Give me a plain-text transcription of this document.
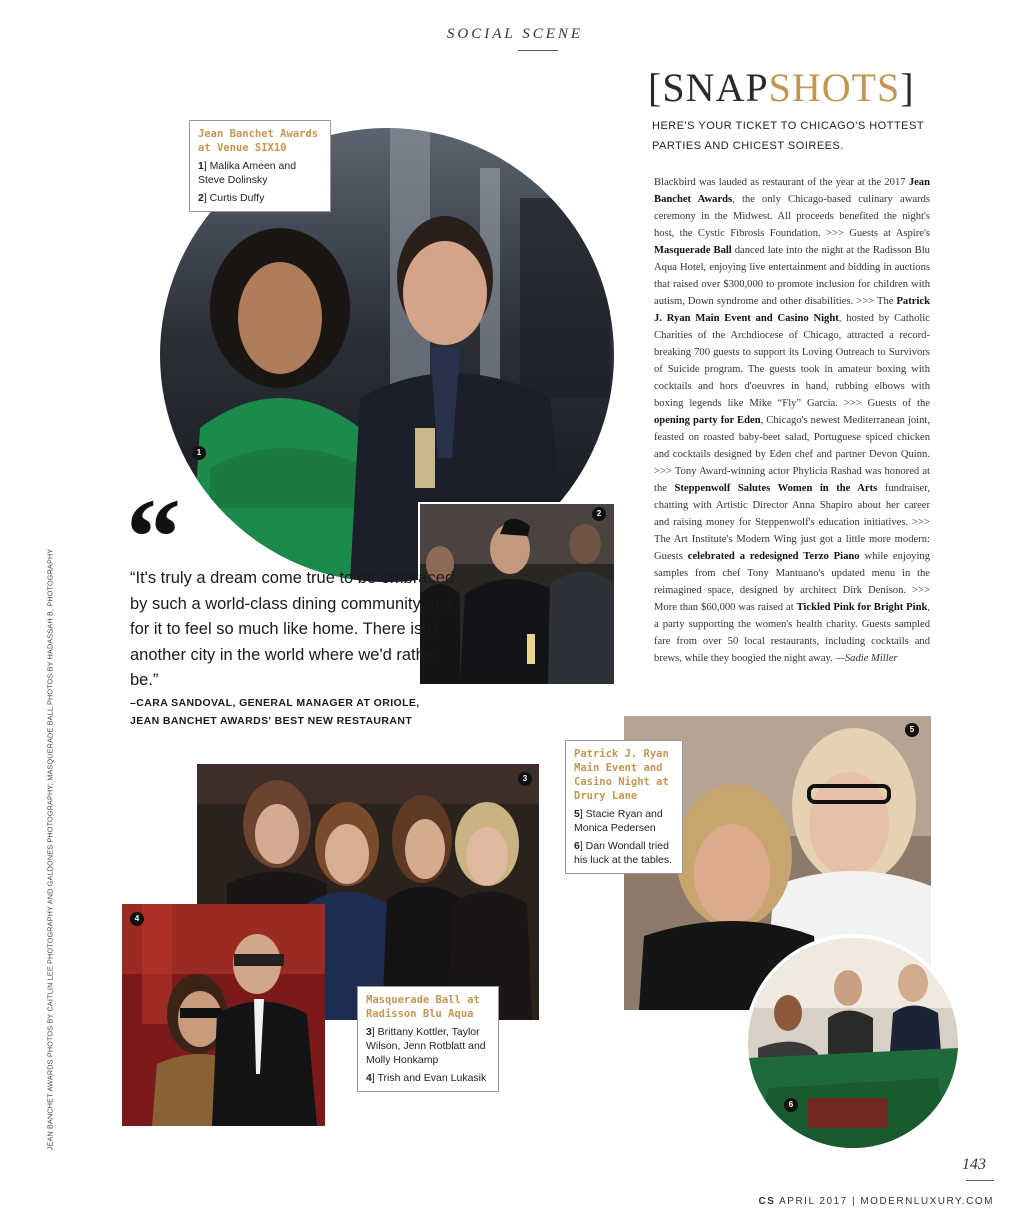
SOCIAL SCENE
[SNAPSHOTS]
HERE'S YOUR TICKET TO CHICAGO'S HOTTEST PARTIES AND CHICEST SOIREES.
Blackbird was lauded as restaurant of the year at the 2017 Jean Banchet Awards, the only Chicago-based culinary awards ceremony in the Midwest. All proceeds benefited the night's host, the Cystic Fibrosis Foundation. >>> Guests at Aspire's Masquerade Ball danced late into the night at the Radisson Blu Aqua Hotel, enjoying live entertainment and bidding in auctions that raised over $300,000 to promote inclusion for children with autism, Down syndrome and other disabilities. >>> The Patrick J. Ryan Main Event and Casino Night, hosted by Catholic Charities of the Archdiocese of Chicago, attracted a record-breaking 700 guests to support its Loving Outreach to Survivors of Suicide program. The guests took in amateur boxing with cocktails and hors d'oeuvres in hand, rubbing elbows with boxing legends like Mike “Fly” Garcia. >>> Guests of the opening party for Eden, Chicago's newest Mediterranean joint, feasted on roasted baby-beet salad, Portuguese spiced chicken and cocktails designed by Eden chef and partner Devon Quinn. >>> Tony Award-winning actor Phylicia Rashad was honored at the Steppenwolf Salutes Women in the Arts fundraiser, chatting with Artistic Director Anna Shapiro about her career and raising money for Steppenwolf's education initiatives. >>> The Art Institute's Modern Wing just got a little more modern: Guests celebrated a redesigned Terzo Piano while enjoying samples from chef Tony Mantuano's updated menu in the reimagined space, designed by architect Dirk Denison. >>> More than $60,000 was raised at Tickled Pink for Bright Pink, a party supporting the women's health charity. Guests sampled fare from over 50 local restaurants, including cocktails and brews, while they boogied the night away. —Sadie Miller
1
Jean Banchet Awards at Venue SIX10
1] Malika Ameen and Steve Dolinsky
2] Curtis Duffy
2
“
“It's truly a dream come true to be embraced by such a world-class dining community and for it to feel so much like home. There isn't another city in the world where we'd rather be.”
–CARA SANDOVAL, GENERAL MANAGER AT ORIOLE,
JEAN BANCHET AWARDS' BEST NEW RESTAURANT
JEAN BANCHET AWARDS PHOTOS BY CAITLIN LEE PHOTOGRAPHY AND GALDONES PHOTOGRAPHY; MASQUERADE BALL PHOTOS BY HADASSAH B. PHOTOGRAPHY	3
4
Masquerade Ball at Radisson Blu Aqua
3] Brittany Kottler, Taylor Wilson, Jenn Rotblatt and Molly Honkamp
4] Trish and Evan Lukasik
5
Patrick J. Ryan Main Event and Casino Night at Drury Lane
5] Stacie Ryan and Monica Pedersen
6] Dan Wondall tried his luck at the tables.
6
143
CS APRIL 2017 | MODERNLUXURY.COM
